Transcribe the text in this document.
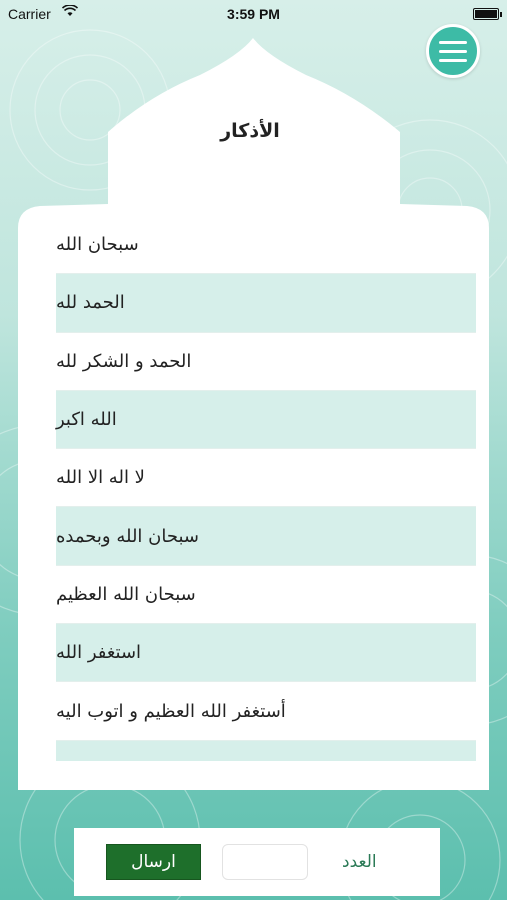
Carrier	3:59 PM
الأذكار
سبحان الله
الحمد لله
الحمد و الشكر لله
الله اكبر
لا اله الا الله
سبحان الله وبحمده
سبحان الله العظيم
استغفر الله
أستغفر الله العظيم و اتوب اليه
ارسال	العدد
